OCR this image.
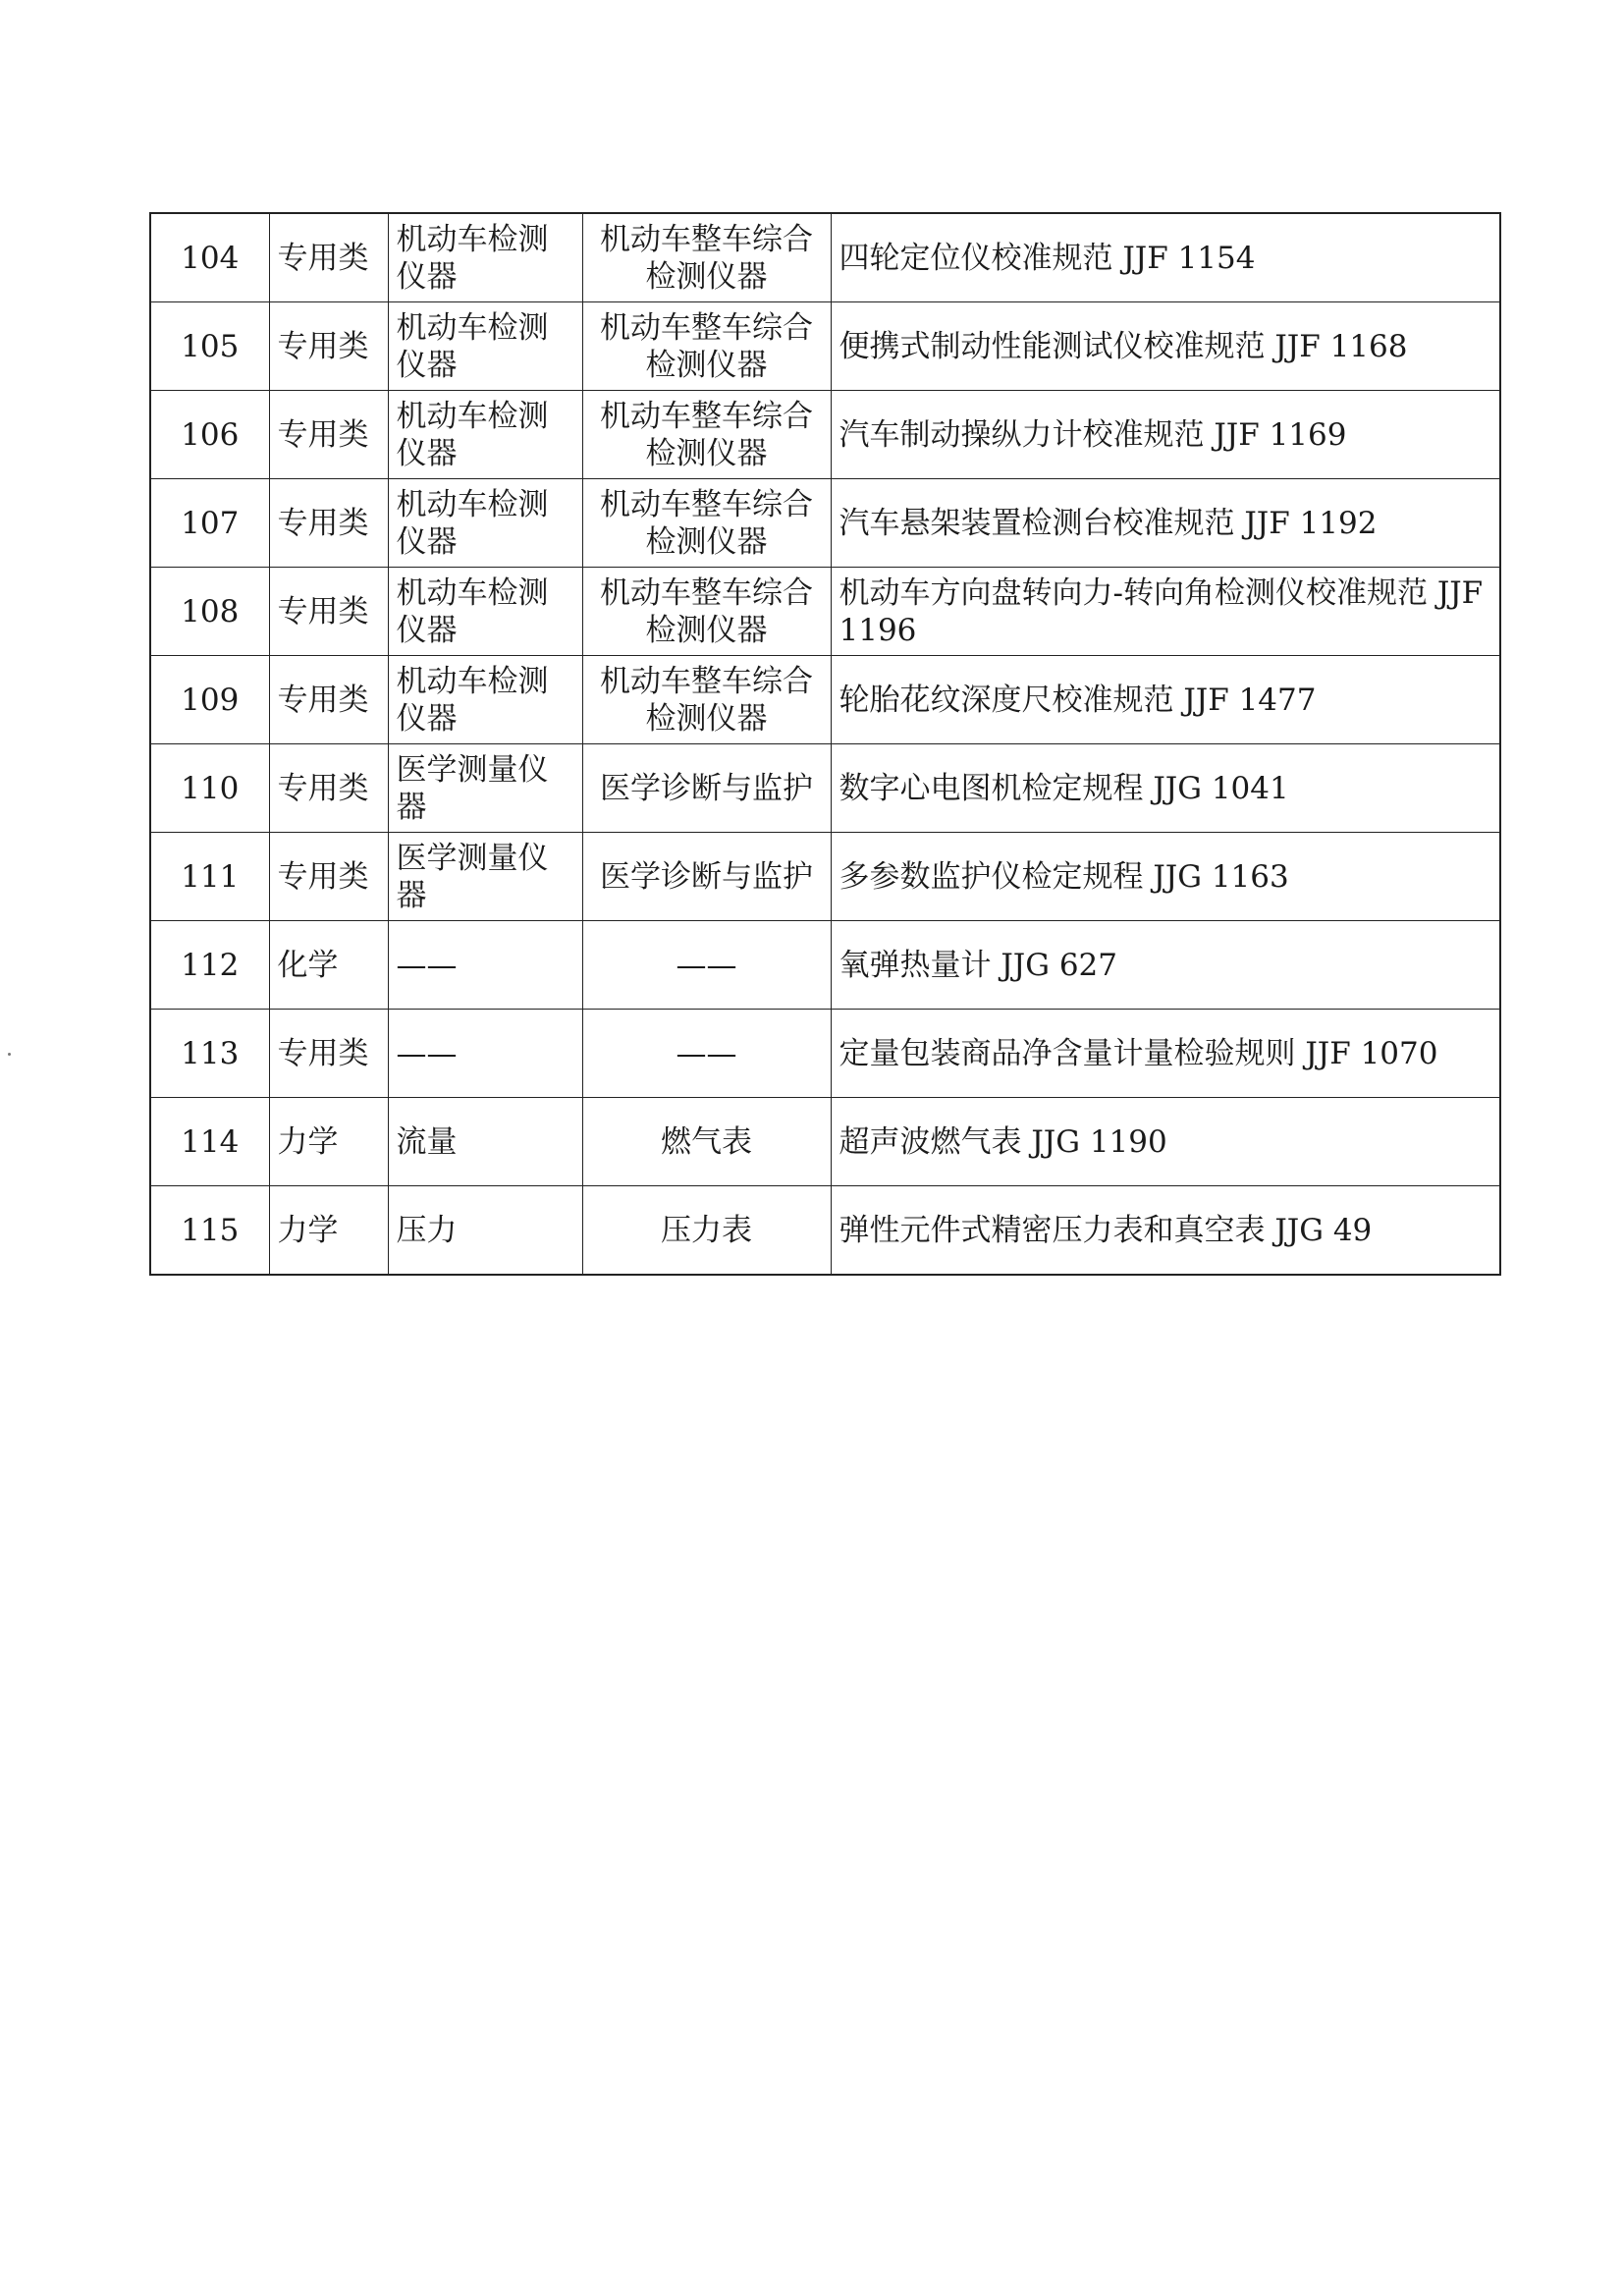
104	专用类	机动车检测仪器	机动车整车综合检测仪器	四轮定位仪校准规范 JJF 1154
105	专用类	机动车检测仪器	机动车整车综合检测仪器	便携式制动性能测试仪校准规范 JJF 1168
106	专用类	机动车检测仪器	机动车整车综合检测仪器	汽车制动操纵力计校准规范 JJF 1169
107	专用类	机动车检测仪器	机动车整车综合检测仪器	汽车悬架装置检测台校准规范 JJF 1192
108	专用类	机动车检测仪器	机动车整车综合检测仪器	机动车方向盘转向力-转向角检测仪校准规范 JJF 1196
109	专用类	机动车检测仪器	机动车整车综合检测仪器	轮胎花纹深度尺校准规范 JJF 1477
110	专用类	医学测量仪器	医学诊断与监护	数字心电图机检定规程 JJG 1041
111	专用类	医学测量仪器	医学诊断与监护	多参数监护仪检定规程 JJG 1163
112	化学	——	——	氧弹热量计 JJG 627
113	专用类	——	——	定量包装商品净含量计量检验规则 JJF 1070
114	力学	流量	燃气表	超声波燃气表 JJG 1190
115	力学	压力	压力表	弹性元件式精密压力表和真空表 JJG 49
